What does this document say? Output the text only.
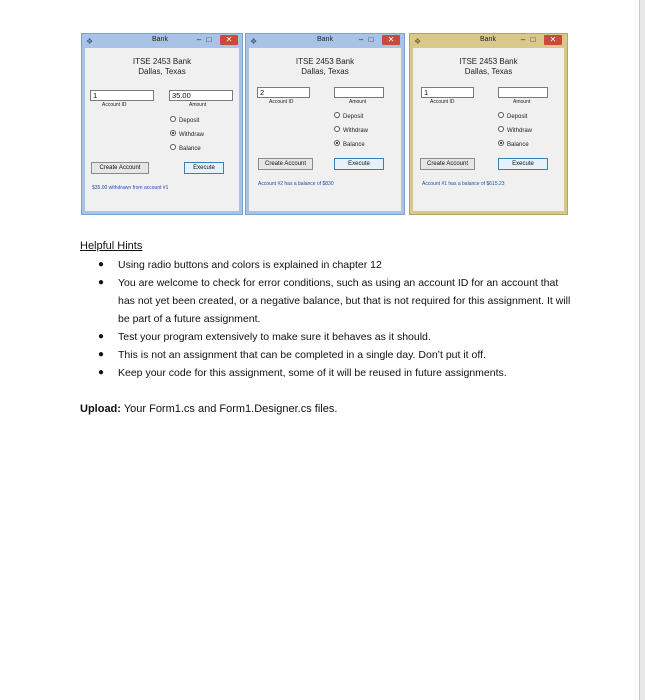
❖	Bank	– □	✕
ITSE 2453 Bank
Dallas, Texas
1	35.00
Account ID	Amount
Deposit
Withdraw
Balance
Create Account	Execute
$35.00 withdrawn from account #1
❖	Bank	– □	✕
ITSE 2453 Bank
Dallas, Texas
2
Account ID	Amount
Deposit
Withdraw
Balance
Create Account	Execute
Account #2 has a balance of $830
❖	Bank	– □	✕
ITSE 2453 Bank
Dallas, Texas
1
Account ID	Amount
Deposit
Withdraw
Balance
Create Account	Execute
Account #1 has a balance of $615.23
Helpful Hints
● Using radio buttons and colors is explained in chapter 12
● You are welcome to check for error conditions, such as using an account ID for an account that has not yet been created, or a negative balance, but that is not required for this assignment. It will be part of a future assignment.
● Test your program extensively to make sure it behaves as it should.
● This is not an assignment that can be completed in a single day. Don’t put it off.
● Keep your code for this assignment, some of it will be reused in future assignments.
Upload: Your Form1.cs and Form1.Designer.cs files.
